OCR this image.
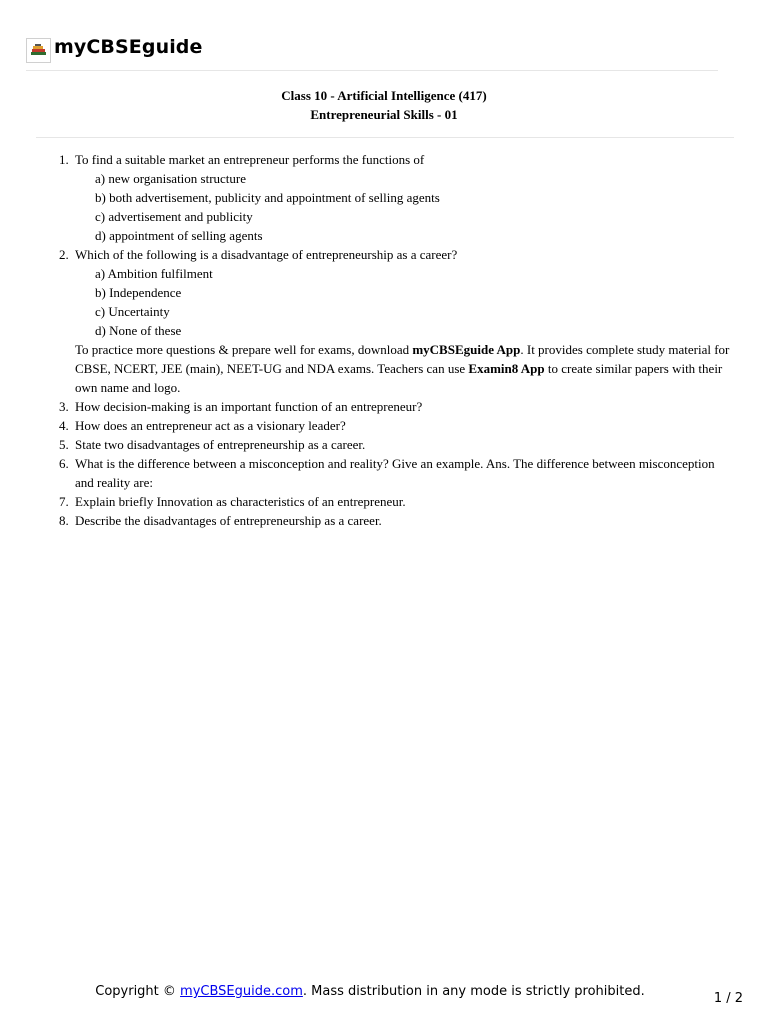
myCBSEguide
Class 10 - Artificial Intelligence (417)
Entrepreneurial Skills - 01
1. To find a suitable market an entrepreneur performs the functions of
a) new organisation structure
b) both advertisement, publicity and appointment of selling agents
c) advertisement and publicity
d) appointment of selling agents
2. Which of the following is a disadvantage of entrepreneurship as a career?
a) Ambition fulfilment
b) Independence
c) Uncertainty
d) None of these

To practice more questions & prepare well for exams, download myCBSEguide App. It provides complete study material for CBSE, NCERT, JEE (main), NEET-UG and NDA exams. Teachers can use Examin8 App to create similar papers with their own name and logo.

3. How decision-making is an important function of an entrepreneur?
4. How does an entrepreneur act as a visionary leader?
5. State two disadvantages of entrepreneurship as a career.
6. What is the difference between a misconception and reality? Give an example. Ans. The difference between misconception and reality are:
7. Explain briefly Innovation as characteristics of an entrepreneur.
8. Describe the disadvantages of entrepreneurship as a career.
Copyright © myCBSEguide.com. Mass distribution in any mode is strictly prohibited.	1 / 2
